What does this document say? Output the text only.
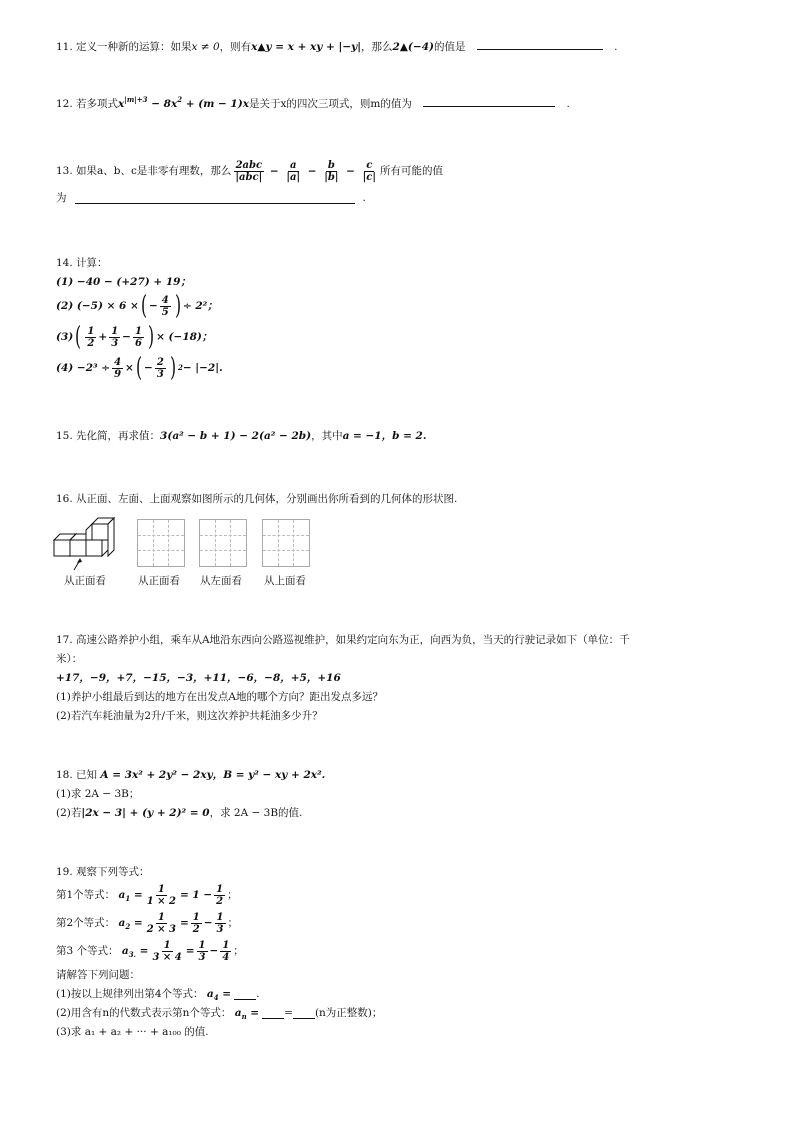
11. 定义一种新的运算：如果x ≠ 0，则有x▲y = x + xy + |−y|，那么2▲(−4)的值是	.
12. 若多项式$x^{|m|+3} - 8x^2 + (m - 1)x$是关于x的四次三项式，则m的值为	.
13.
如果a、b、c是非零有理数，那么 $\frac{\text{2abc}}{\text{|abc|}} - \frac{a}{|a|} - \frac{b}{|b|} - \frac{c}{|c|}$ 所有可能的值
为	.
14.
计算：
(1) −40 − (+27) + 19；
(2) (−5) × 6 × ( − $\frac{4}{5}$ ) ÷ 2²；
(3) ( $\frac{1}{2} + \frac{1}{3} - \frac{1}{6}$ ) × (−18)；
$(4) -2^3 \div \frac{4}{9}$ × ( − $\frac{2}{3}$ ) 2 − |−2|.
15. 先化简，再求值：3(a² − b + 1) − 2(a² − 2b)，其中a = −1，b = 2.
16. 从正面、左面、上面观察如图所示的几何体，分别画出你所看到的几何体的形状图.
从正面看	从正面看 从左面看 从上面看
17.
高速公路养护小组，乘车从A地沿东西向公路巡视维护，如果约定向东为正，向西为负，当天的行驶记录如下（单位：千
米）：
+17，−9，+7，−15，−3，+11，−6，−8，+5，+16
(1)养护小组最后到达的地方在出发点A地的哪个方向？距出发点多远？
(2)若汽车耗油量为2升/千米，则这次养护共耗油多少升？
18.
已知
A = 3x² + 2y² − 2xy，B = y² − xy + 2x².
(1)求 2A − 3B；
(2)若 |2x − 3| + (y + 2)² = 0 ，求 2A − 3B的值.
19.
观察下列等式：
第1个等式：
$a_1 = \frac{1}{1 \times 2} = 1 - \frac{1}{2}$ ；
第2个等式：
$a_2 = \frac{1}{2 \times 3} = \frac{1}{2} - \frac{1}{3}$ ；
第3 个等式：
$a_{3.} = \frac{1}{3 \times 4} = \frac{1}{3} - \frac{1}{4}$ ；
请解答下列问题：
(1)按以上规律列出第4个等式：
$a_4$ = .
(2)用含有n的代数式表示第n个等式：
$a_n$ = = (n为正整数)；
(3)求 a₁ + a₂ + ··· + a₁₀₀ 的值.
